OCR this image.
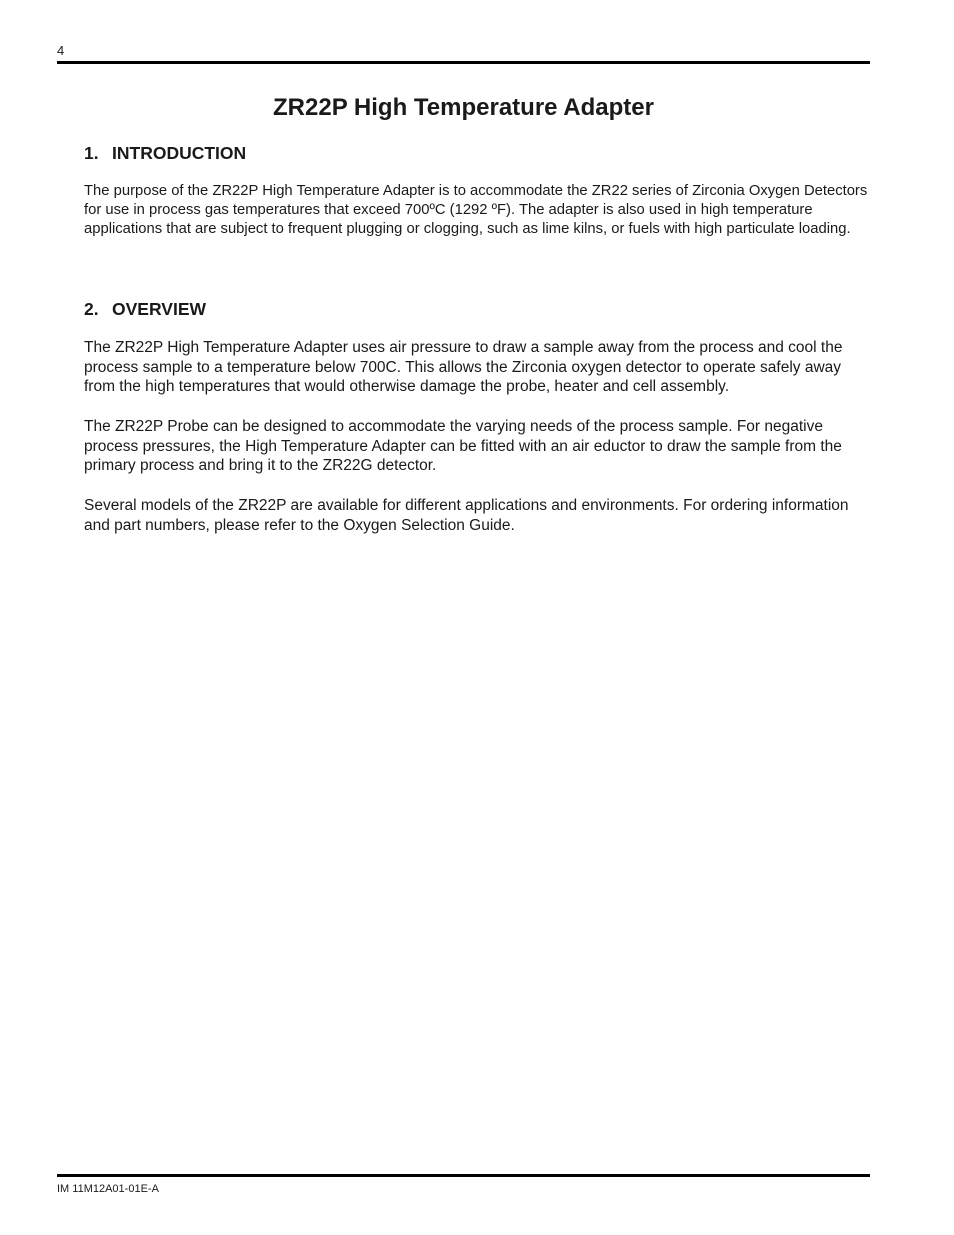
4
ZR22P High Temperature Adapter
1. INTRODUCTION

The purpose of the ZR22P High Temperature Adapter is to accommodate the ZR22 series of Zirconia Oxygen Detectors for use in process gas temperatures that exceed 700ºC (1292 ºF). The adapter is also used in high temperature applications that are subject to frequent plugging or clogging, such as lime kilns, or fuels with high particulate loading.

2. OVERVIEW

The ZR22P High Temperature Adapter uses air pressure to draw a sample away from the process and cool the process sample to a temperature below 700C. This allows the Zirconia oxygen detector to operate safely away from the high temperatures that would otherwise damage the probe, heater and cell assembly.

The ZR22P Probe can be designed to accommodate the varying needs of the process sample. For negative process pressures, the High Temperature Adapter can be fitted with an air eductor to draw the sample from the primary process and bring it to the ZR22G detector.

Several models of the ZR22P are available for different applications and environments. For ordering information and part numbers, please refer to the Oxygen Selection Guide.

IM 11M12A01-01E-A
